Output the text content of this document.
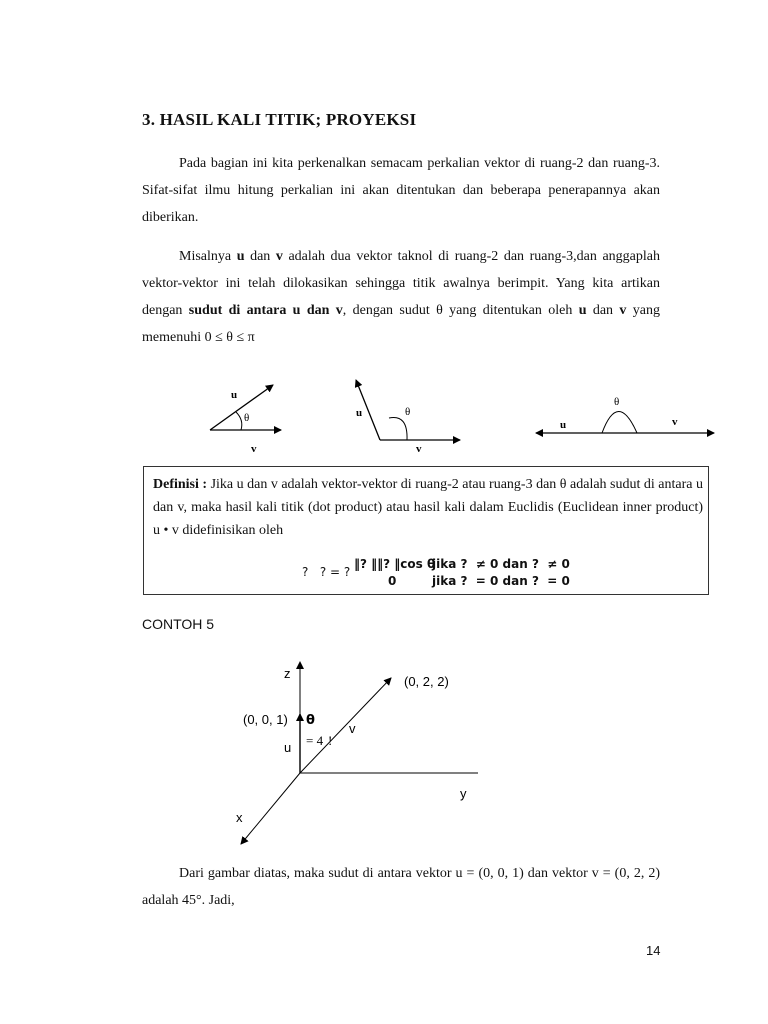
3. HASIL KALI TITIK; PROYEKSI
Pada bagian ini kita perkenalkan semacam perkalian vektor di ruang-2 dan ruang-3. Sifat-sifat ilmu hitung perkalian ini akan ditentukan dan beberapa penerapannya akan diberikan.
Misalnya u dan v adalah dua vektor taknol di ruang-2 dan ruang-3,dan anggaplah vektor-vektor ini telah dilokasikan sehingga titik awalnya berimpit. Yang kita artikan dengan sudut di antara u dan v, dengan sudut θ yang ditentukan oleh u dan v yang memenuhi 0 ≤ θ ≤ π
u
θ
v
u	θ
v
u
θ
v
Definisi : Jika u dan v adalah vektor-vektor di ruang-2 atau ruang-3 dan θ adalah sudut di antara u dan v, maka hasil kali titik (dot product) atau hasil kali dalam Euclidis (Euclidean inner product) u • v didefinisikan oleh
?   ? = ?
‖? ‖‖? ‖cos θ
0
jika ?  ≠ 0 dan ?  ≠ 0
jika ?  = 0 dan ?  = 0
CONTOH 5
z
y
x
(0, 2, 2)
(0, 0, 1)
u
v
θ
= 4 !
Dari gambar diatas, maka sudut di antara vektor u = (0, 0, 1) dan vektor v = (0, 2, 2) adalah 45°. Jadi,
14
